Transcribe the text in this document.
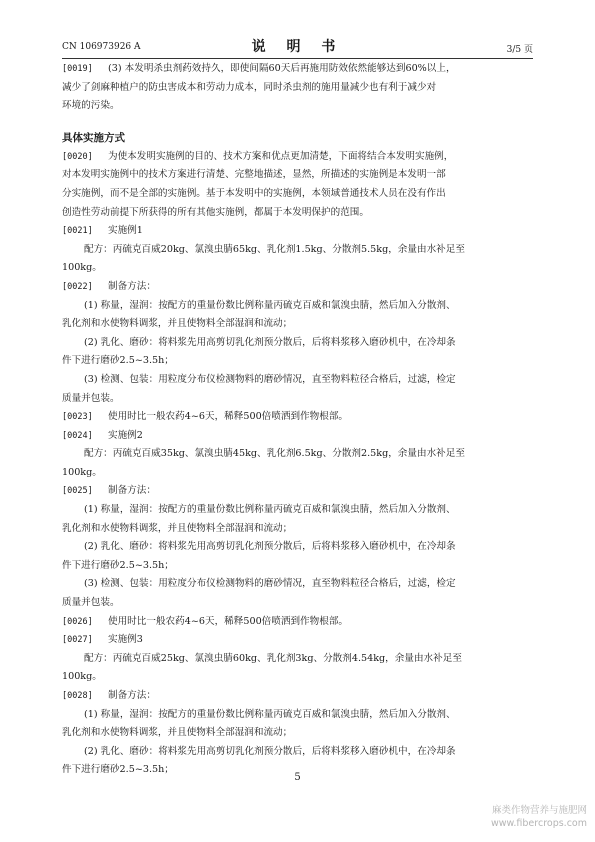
CN 106973926 A	说 明 书	3/5 页

[0019] (3) 本发明杀虫剂药效持久，即使间隔60天后再施用防效依然能够达到60%以上，

减少了剑麻种植户的防虫害成本和劳动力成本，同时杀虫剂的施用量减少也有利于减少对

环境的污染。

具体实施方式

[0020] 为使本发明实施例的目的、技术方案和优点更加清楚，下面将结合本发明实施例，

对本发明实施例中的技术方案进行清楚、完整地描述，显然，所描述的实施例是本发明一部

分实施例，而不是全部的实施例。基于本发明中的实施例，本领域普通技术人员在没有作出

创造性劳动前提下所获得的所有其他实施例，都属于本发明保护的范围。

[0021] 实施例1

配方：丙硫克百威20kg、氯溴虫腈65kg、乳化剂1.5kg、分散剂5.5kg，余量由水补足至

100kg。

[0022] 制备方法：

(1) 称量，湿润：按配方的重量份数比例称量丙硫克百威和氯溴虫腈，然后加入分散剂、

乳化剂和水使物料调浆，并且使物料全部湿润和流动；

(2) 乳化、磨砂：将料浆先用高剪切乳化剂预分散后，后将料浆移入磨砂机中，在冷却条

件下进行磨砂2.5~3.5h；

(3) 检测、包装：用粒度分布仪检测物料的磨砂情况，直至物料粒径合格后，过滤，检定

质量并包装。

[0023] 使用时比一般农药4~6天，稀释500倍喷洒到作物根部。

[0024] 实施例2

配方：丙硫克百威35kg、氯溴虫腈45kg、乳化剂6.5kg、分散剂2.5kg，余量由水补足至

100kg。

[0025] 制备方法：

(1) 称量，湿润：按配方的重量份数比例称量丙硫克百威和氯溴虫腈，然后加入分散剂、

乳化剂和水使物料调浆，并且使物料全部湿润和流动；

(2) 乳化、磨砂：将料浆先用高剪切乳化剂预分散后，后将料浆移入磨砂机中，在冷却条

件下进行磨砂2.5~3.5h；

(3) 检测、包装：用粒度分布仪检测物料的磨砂情况，直至物料粒径合格后，过滤，检定

质量并包装。

[0026] 使用时比一般农药4~6天，稀释500倍喷洒到作物根部。

[0027] 实施例3

配方：丙硫克百威25kg、氯溴虫腈60kg、乳化剂3kg、分散剂4.54kg，余量由水补足至

100kg。

[0028] 制备方法：

(1) 称量，湿润：按配方的重量份数比例称量丙硫克百威和氯溴虫腈，然后加入分散剂、

乳化剂和水使物料调浆，并且使物料全部湿润和流动；

(2) 乳化、磨砂：将料浆先用高剪切乳化剂预分散后，后将料浆移入磨砂机中，在冷却条

件下进行磨砂2.5~3.5h；

5
麻类作物营养与施肥网
www.fibercrops.com
